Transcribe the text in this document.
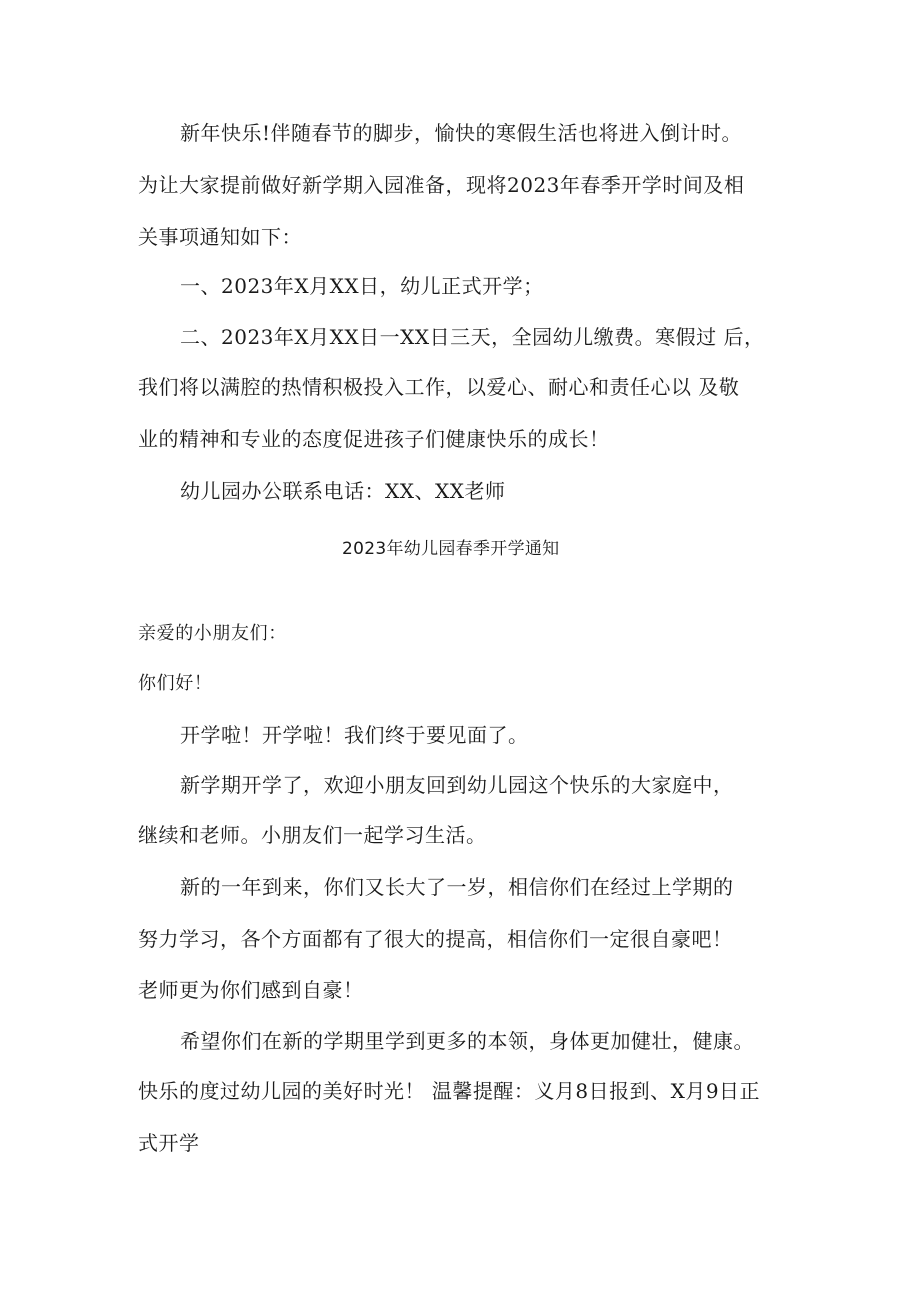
新年快乐!伴随春节的脚步，愉快的寒假生活也将进入倒计时。
为让大家提前做好新学期入园准备，现将2023年春季开学时间及相
关事项通知如下：
一、2023年X月XX日，幼儿正式开学；
二、2023年X月XX日一XX日三天，全园幼儿缴费。寒假过 后，
我们将以满腔的热情积极投入工作，以爱心、耐心和责任心以 及敬
业的精神和专业的态度促进孩子们健康快乐的成长！
幼儿园办公联系电话：XX、XX老师
2023年幼儿园春季开学通知
亲爱的小朋友们：
你们好！
开学啦！开学啦！我们终于要见面了。
新学期开学了，欢迎小朋友回到幼儿园这个快乐的大家庭中，
继续和老师。小朋友们一起学习生活。
新的一年到来，你们又长大了一岁，相信你们在经过上学期的
努力学习，各个方面都有了很大的提高，相信你们一定很自豪吧！
老师更为你们感到自豪！
希望你们在新的学期里学到更多的本领，身体更加健壮，健康。
快乐的度过幼儿园的美好时光！ 温馨提醒：义月8日报到、X月9日正
式开学
